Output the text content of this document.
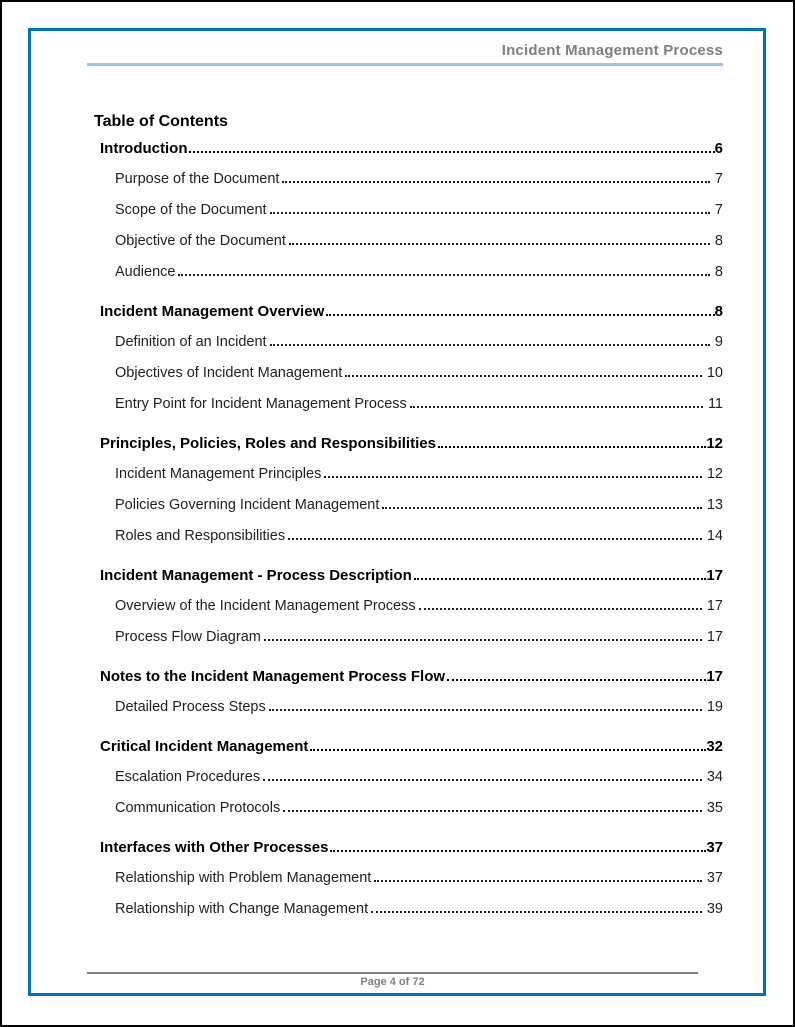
Incident Management Process
Table of Contents
Introduction	6
Purpose of the Document	7
Scope of the Document	7
Objective of the Document	8
Audience	8
Incident Management Overview	8
Definition of an Incident	9
Objectives of Incident Management	10
Entry Point for Incident Management Process	11
Principles, Policies, Roles and Responsibilities	12
Incident Management Principles	12
Policies Governing Incident Management	13
Roles and Responsibilities	14
Incident Management - Process Description	17
Overview of the Incident Management Process	17
Process Flow Diagram	17
Notes to the Incident Management Process Flow	17
Detailed Process Steps	19
Critical Incident Management	32
Escalation Procedures	34
Communication Protocols	35
Interfaces with Other Processes	37
Relationship with Problem Management	37
Relationship with Change Management	39
Page 4 of 72
